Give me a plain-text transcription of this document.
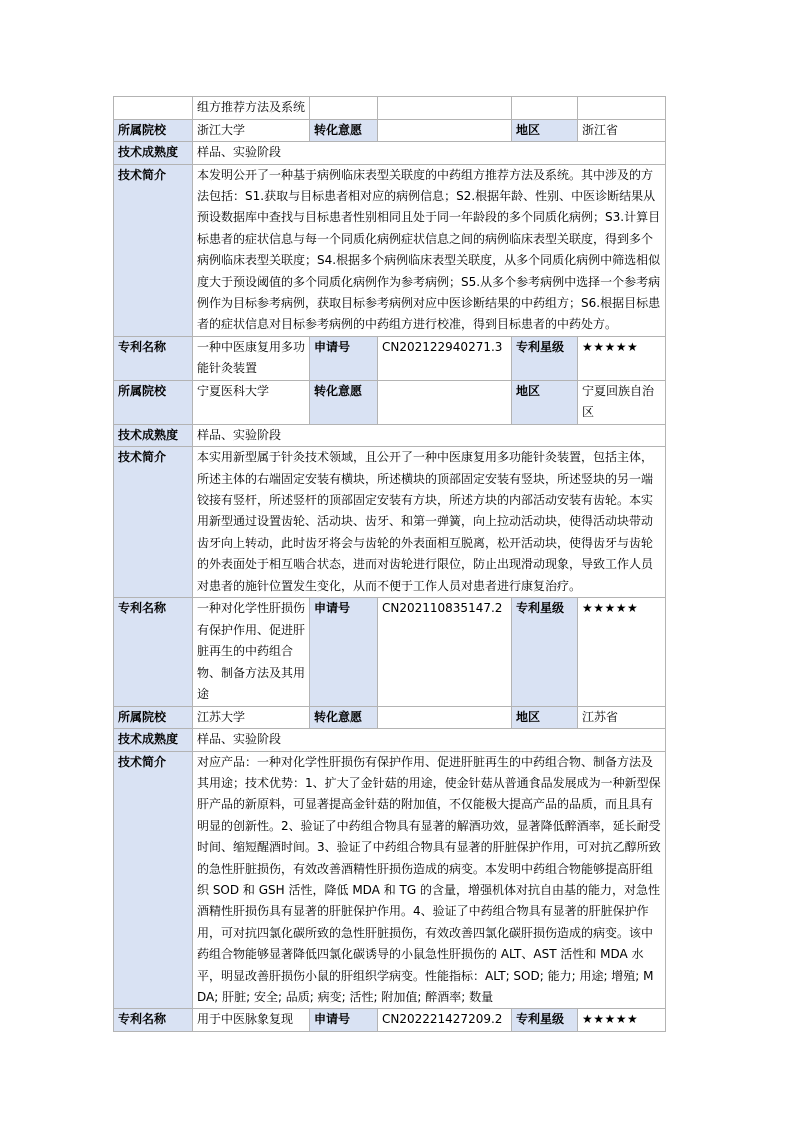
	组方推荐方法及系统				
所属院校	浙江大学	转化意愿		地区	浙江省
技术成熟度	样品、实验阶段				
技术简介	本发明公开了一种基于病例临床表型关联度的中药组方推荐方法及系统。其中涉及的方法包括：S1.获取与目标患者相对应的病例信息；S2.根据年龄、性别、中医诊断结果从预设数据库中查找与目标患者性别相同且处于同一年龄段的多个同质化病例；S3.计算目标患者的症状信息与每一个同质化病例症状信息之间的病例临床表型关联度，得到多个病例临床表型关联度；S4.根据多个病例临床表型关联度，从多个同质化病例中筛选相似度大于预设阈值的多个同质化病例作为参考病例；S5.从多个参考病例中选择一个参考病例作为目标参考病例，获取目标参考病例对应中医诊断结果的中药组方；S6.根据目标患者的症状信息对目标参考病例的中药组方进行校准，得到目标患者的中药处方。				
专利名称	一种中医康复用多功能针灸装置	申请号	CN202122940271.3	专利星级	★★★★★
所属院校	宁夏医科大学	转化意愿		地区	宁夏回族自治区
技术成熟度	样品、实验阶段				
技术简介	本实用新型属于针灸技术领域，且公开了一种中医康复用多功能针灸装置，包括主体，所述主体的右端固定安装有横块，所述横块的顶部固定安装有竖块，所述竖块的另一端铰接有竖杆，所述竖杆的顶部固定安装有方块，所述方块的内部活动安装有齿轮。本实用新型通过设置齿轮、活动块、齿牙、和第一弹簧，向上拉动活动块，使得活动块带动齿牙向上转动，此时齿牙将会与齿轮的外表面相互脱离，松开活动块，使得齿牙与齿轮的外表面处于相互啮合状态，进而对齿轮进行限位，防止出现滑动现象，导致工作人员对患者的施针位置发生变化，从而不便于工作人员对患者进行康复治疗。				
专利名称	一种对化学性肝损伤有保护作用、促进肝脏再生的中药组合物、制备方法及其用途	申请号	CN202110835147.2	专利星级	★★★★★
所属院校	江苏大学	转化意愿		地区	江苏省
技术成熟度	样品、实验阶段				
技术简介	对应产品：一种对化学性肝损伤有保护作用、促进肝脏再生的中药组合物、制备方法及其用途；技术优势：1、扩大了金针菇的用途，使金针菇从普通食品发展成为一种新型保肝产品的新原料，可显著提高金针菇的附加值，不仅能极大提高产品的品质，而且具有明显的创新性。2、验证了中药组合物具有显著的解酒功效，显著降低醉酒率，延长耐受时间、缩短醒酒时间。3、验证了中药组合物具有显著的肝脏保护作用，可对抗乙醇所致的急性肝脏损伤，有效改善酒精性肝损伤造成的病变。本发明中药组合物能够提高肝组织 SOD 和 GSH 活性，降低 MDA 和 TG 的含量，增强机体对抗自由基的能力，对急性酒精性肝损伤具有显著的肝脏保护作用。4、验证了中药组合物具有显著的肝脏保护作用，可对抗四氯化碳所致的急性肝脏损伤，有效改善四氯化碳肝损伤造成的病变。该中药组合物能够显著降低四氯化碳诱导的小鼠急性肝损伤的 ALT、AST 活性和 MDA 水平，明显改善肝损伤小鼠的肝组织学病变。性能指标：ALT; SOD; 能力; 用途; 增殖; MDA; 肝脏; 安全; 品质; 病变; 活性; 附加值; 醉酒率; 数量				
专利名称	用于中医脉象复现	申请号	CN202221427209.2	专利星级	★★★★★
